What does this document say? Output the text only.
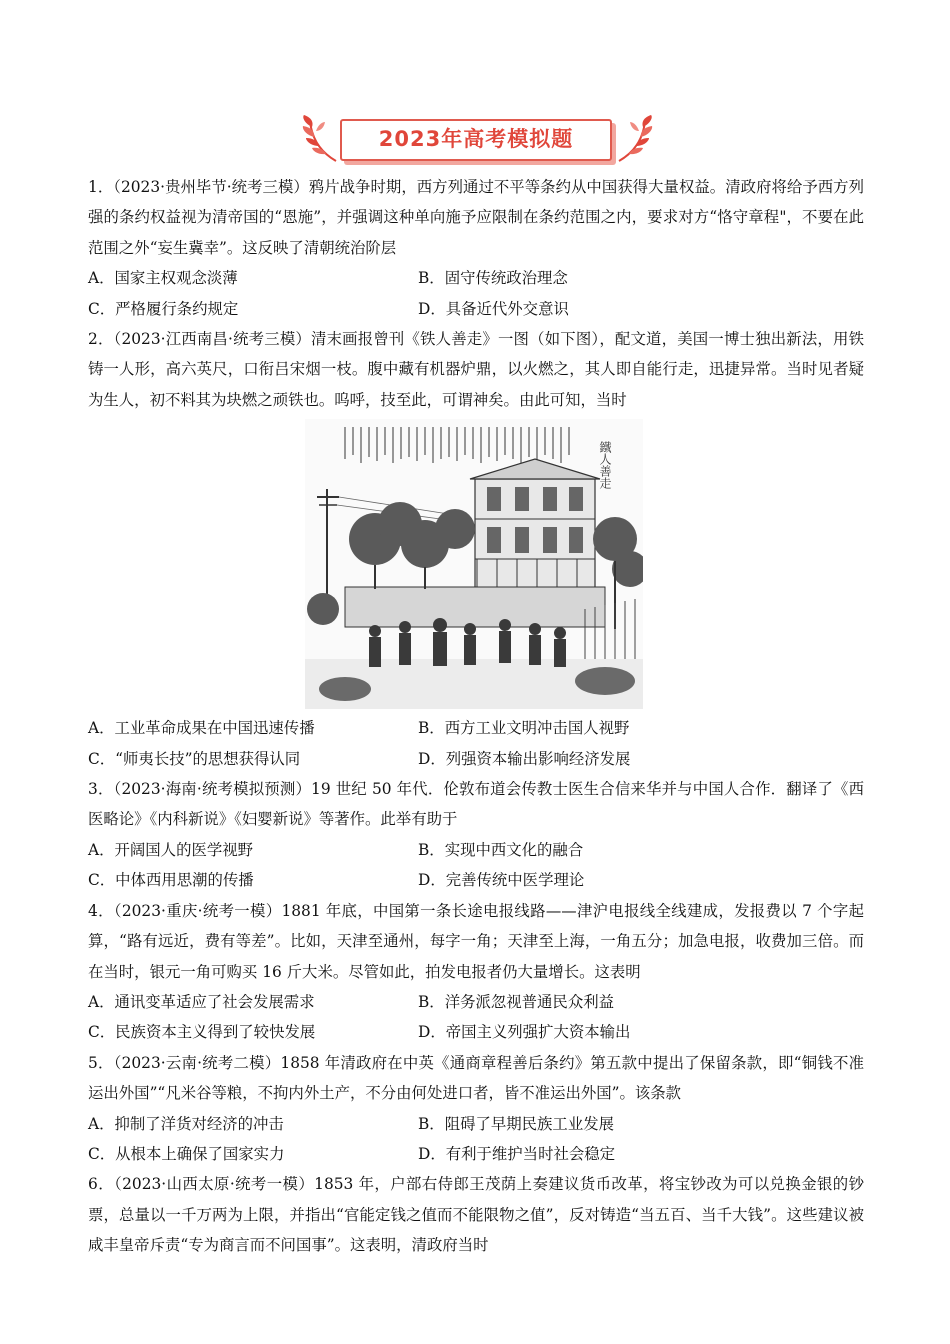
2023年高考模拟题

1．（2023·贵州毕节·统考三模）鸦片战争时期，西方列通过不平等条约从中国获得大量权益。清政府将给予西方列强的条约权益视为清帝国的“恩施”，并强调这种单向施予应限制在条约范围之内，要求对方“恪守章程"，不要在此范围之外“妄生冀幸”。这反映了清朝统治阶层

A．国家主权观念淡薄	B．固守传统政治理念
C．严格履行条约规定	D．具备近代外交意识

2．（2023·江西南昌·统考三模）清末画报曾刊《铁人善走》一图（如下图），配文道，美国一博士独出新法，用铁铸一人形，高六英尺，口衔吕宋烟一枝。腹中藏有机器炉鼎，以火燃之，其人即自能行走，迅捷异常。当时见者疑为生人，初不料其为块燃之顽铁也。呜呼，技至此，可谓神矣。由此可知，当时

鐵人善走
A．工业革命成果在中国迅速传播	B．西方工业文明冲击国人视野
C．“师夷长技”的思想获得认同	D．列强资本输出影响经济发展

3．（2023·海南·统考模拟预测）19 世纪 50 年代．伦敦布道会传教士医生合信来华并与中国人合作．翻译了《西医略论》《内科新说》《妇婴新说》等著作。此举有助于

A．开阔国人的医学视野	B．实现中西文化的融合
C．中体西用思潮的传播	D．完善传统中医学理论

4．（2023·重庆·统考一模）1881 年底，中国第一条长途电报线路——津沪电报线全线建成，发报费以 7 个字起算，“路有远近，费有等差”。比如，天津至通州，每字一角；天津至上海，一角五分；加急电报，收费加三倍。而在当时，银元一角可购买 16 斤大米。尽管如此，拍发电报者仍大量增长。这表明

A．通讯变革适应了社会发展需求	B．洋务派忽视普通民众利益
C．民族资本主义得到了较快发展	D．帝国主义列强扩大资本输出

5．（2023·云南·统考二模）1858 年清政府在中英《通商章程善后条约》第五款中提出了保留条款，即“铜钱不准运出外国”“凡米谷等粮，不拘内外土产，不分由何处进口者，皆不准运出外国”。该条款

A．抑制了洋货对经济的冲击	B．阻碍了早期民族工业发展
C．从根本上确保了国家实力	D．有利于维护当时社会稳定

6．（2023·山西太原·统考一模）1853 年，户部右侍郎王茂荫上奏建议货币改革，将宝钞改为可以兑换金银的钞票，总量以一千万两为上限，并指出“官能定钱之值而不能限物之值”，反对铸造“当五百、当千大钱”。这些建议被咸丰皇帝斥责“专为商言而不问国事”。这表明，清政府当时
